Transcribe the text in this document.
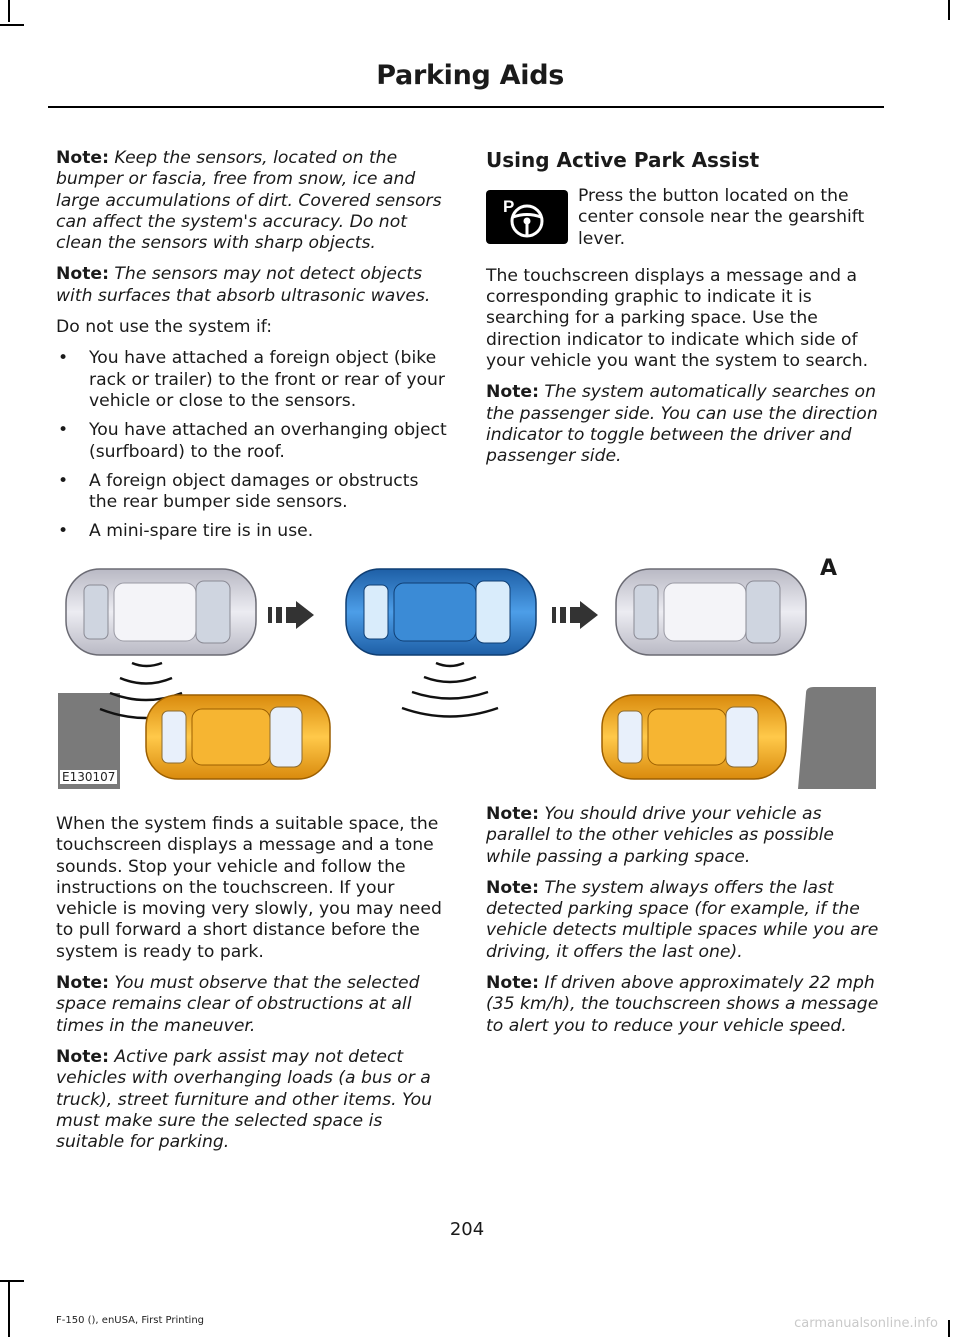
Parking Aids

Note: Keep the sensors, located on the bumper or fascia, free from snow, ice and large accumulations of dirt. Covered sensors can affect the system's accuracy. Do not clean the sensors with sharp objects.

Note: The sensors may not detect objects with surfaces that absorb ultrasonic waves.

Do not use the system if:

• You have attached a foreign object (bike rack or trailer) to the front or rear of your vehicle or close to the sensors.
• You have attached an overhanging object (surfboard) to the roof.
• A foreign object damages or obstructs the rear bumper side sensors.
• A mini-spare tire is in use.
Using Active Park Assist
P
Press the button located on the center console near the gearshift lever.

The touchscreen displays a message and a corresponding graphic to indicate it is searching for a parking space. Use the direction indicator to indicate which side of your vehicle you want the system to search.

Note: The system automatically searches on the passenger side. You can use the direction indicator to toggle between the driver and passenger side.

A
E130107

When the system finds a suitable space, the touchscreen displays a message and a tone sounds. Stop your vehicle and follow the instructions on the touchscreen. If your vehicle is moving very slowly, you may need to pull forward a short distance before the system is ready to park.

Note: You must observe that the selected space remains clear of obstructions at all times in the maneuver.

Note: Active park assist may not detect vehicles with overhanging loads (a bus or a truck), street furniture and other items. You must make sure the selected space is suitable for parking.

Note: You should drive your vehicle as parallel to the other vehicles as possible while passing a parking space.

Note: The system always offers the last detected parking space (for example, if the vehicle detects multiple spaces while you are driving, it offers the last one).

Note: If driven above approximately 22 mph (35 km/h), the touchscreen shows a message to alert you to reduce your vehicle speed.

204
F-150 (), enUSA, First Printing	carmanualsonline.info
